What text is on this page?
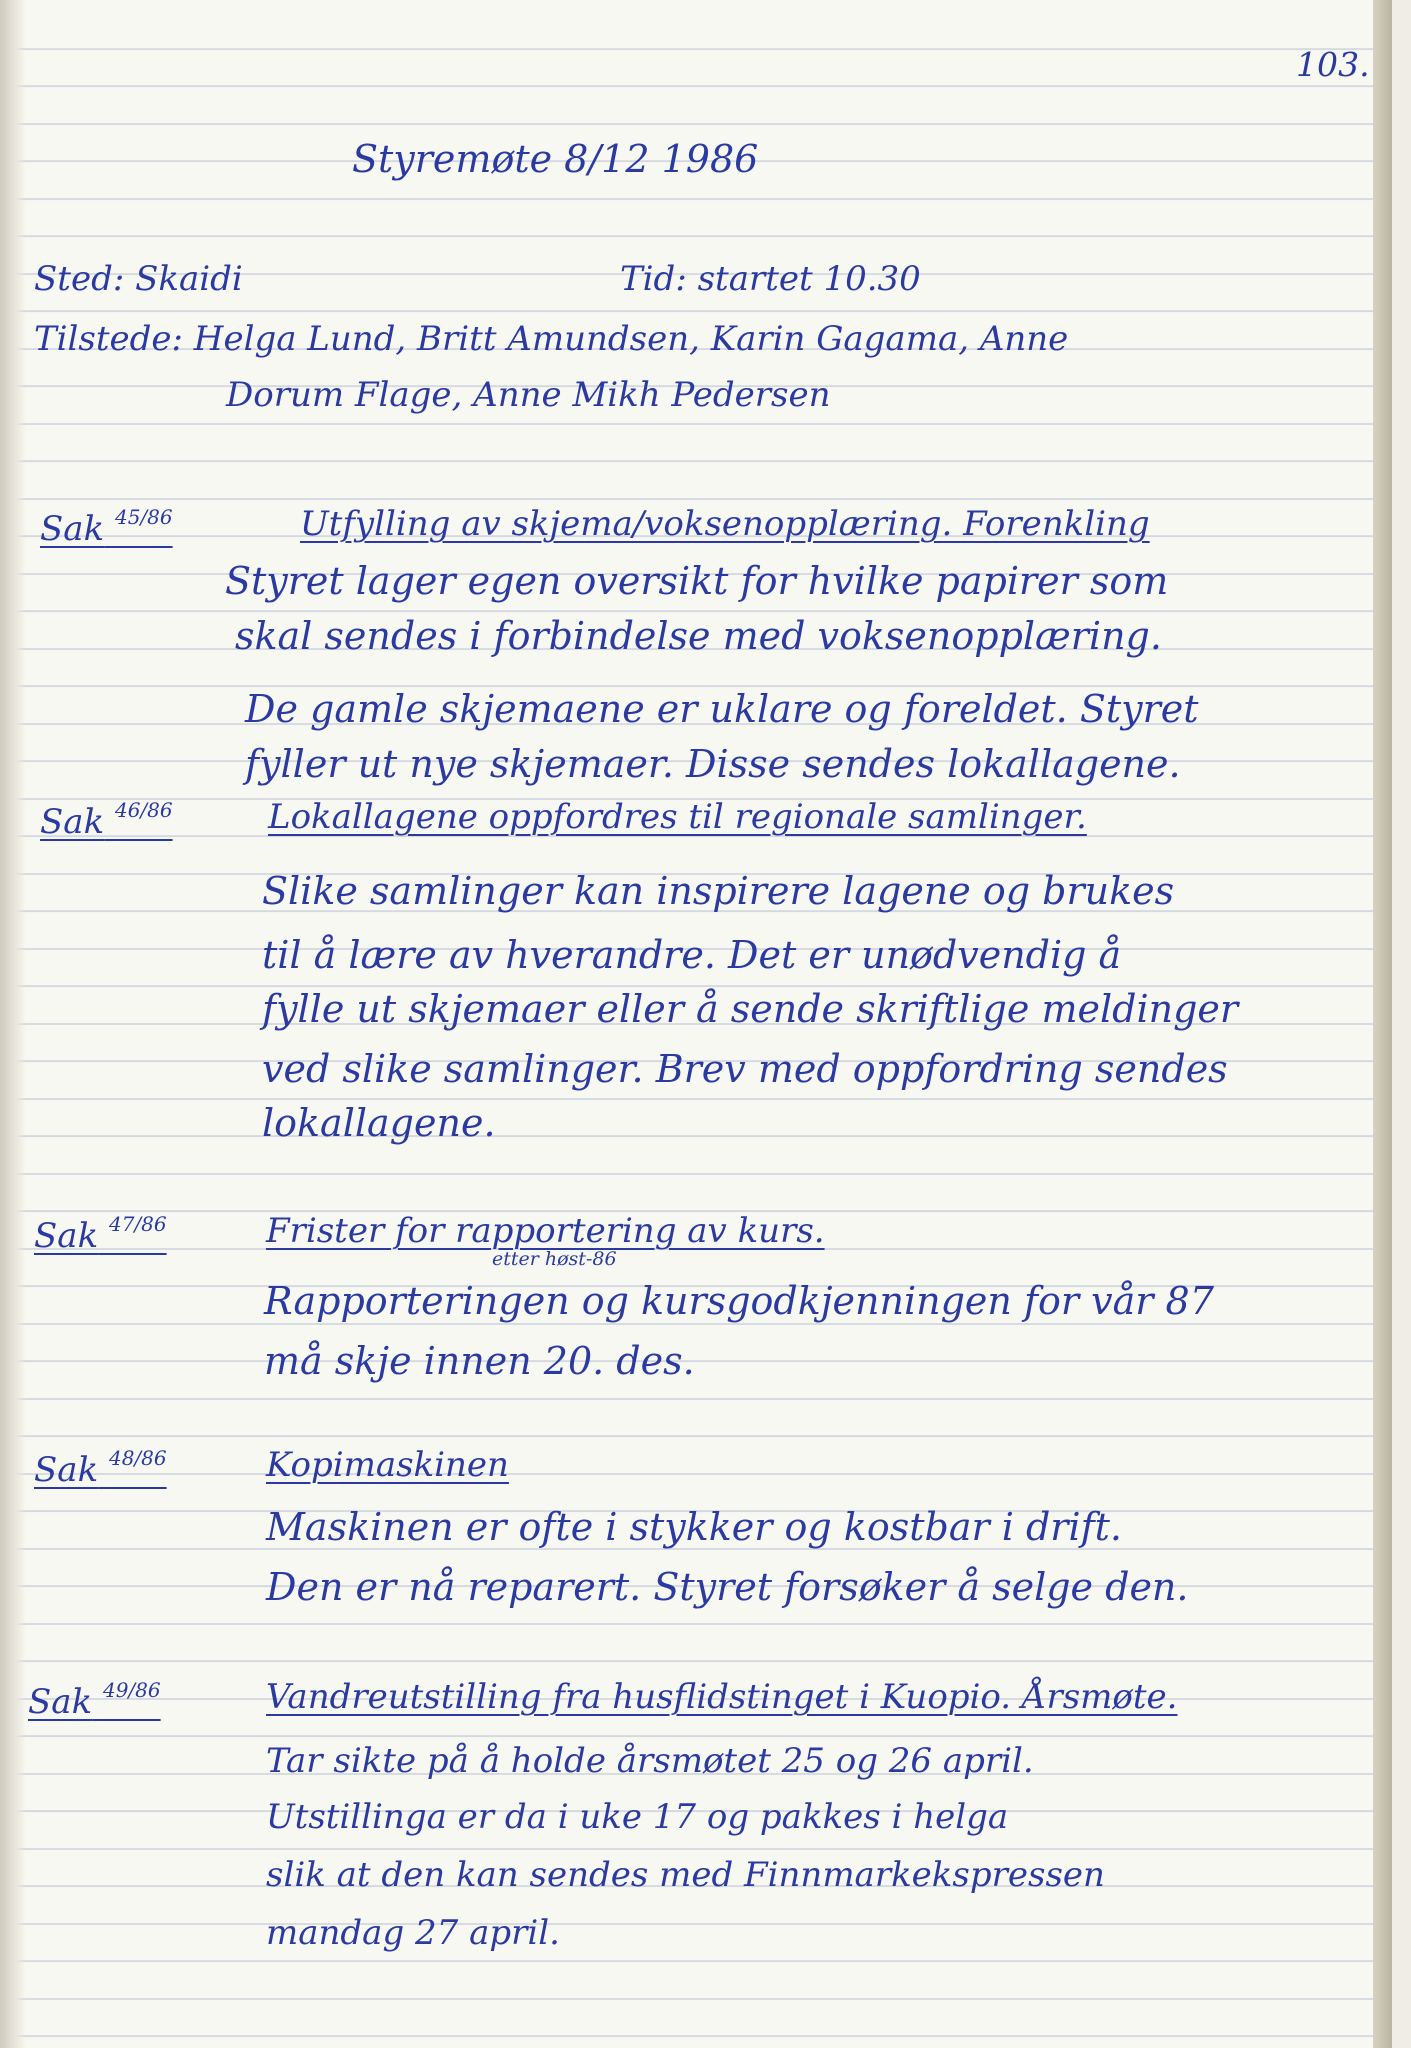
103.
Styremøte 8/12 1986
Sted: Skaidi	Tid: startet 10.30
Tilstede: Helga Lund, Britt Amundsen, Karin Gagama, Anne
Dorum Flage, Anne Mikh Pedersen
Sak $^{45/86}$	Utfylling av skjema/voksenopplæring. Forenkling
Styret lager egen oversikt for hvilke papirer som
skal sendes i forbindelse med voksenopplæring.
De gamle skjemaene er uklare og foreldet. Styret
fyller ut nye skjemaer. Disse sendes lokallagene.
Sak $^{46/86}$	Lokallagene oppfordres til regionale samlinger.
Slike samlinger kan inspirere lagene og brukes
til å lære av hverandre. Det er unødvendig å
fylle ut skjemaer eller å sende skriftlige meldinger
ved slike samlinger. Brev med oppfordring sendes
lokallagene.
Sak $^{47/86}$	Frister for rapportering av kurs.
etter høst-86
Rapporteringen og kursgodkjenningen for vår 87
må skje innen 20. des.
Sak $^{48/86}$	Kopimaskinen
Maskinen er ofte i stykker og kostbar i drift.
Den er nå reparert. Styret forsøker å selge den.
Sak $^{49/86}$	Vandreutstilling fra husflidstinget i Kuopio. Årsmøte.
Tar sikte på å holde årsmøtet 25 og 26 april.
Utstillinga er da i uke 17 og pakkes i helga
slik at den kan sendes med Finnmarkekspressen
mandag 27 april.
